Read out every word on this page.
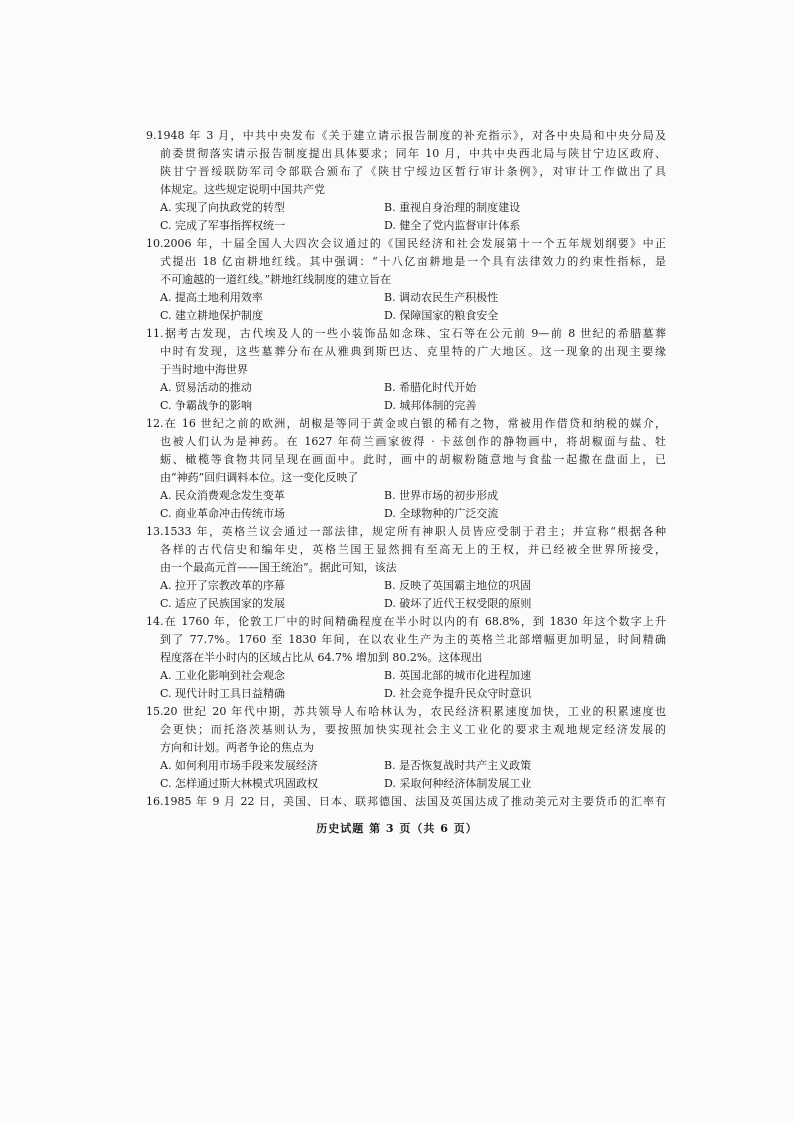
9.1948 年 3 月，中共中央发布《关于建立请示报告制度的补充指示》，对各中央局和中央分局及
前委贯彻落实请示报告制度提出具体要求；同年 10 月，中共中央西北局与陕甘宁边区政府、
陕甘宁晋绥联防军司令部联合颁布了《陕甘宁绥边区暂行审计条例》，对审计工作做出了具
体规定。这些规定说明中国共产党
A. 实现了向执政党的转型	B. 重视自身治理的制度建设
C. 完成了军事指挥权统一	D. 健全了党内监督审计体系
10.2006 年，十届全国人大四次会议通过的《国民经济和社会发展第十一个五年规划纲要》中正
式提出 18 亿亩耕地红线。其中强调：“十八亿亩耕地是一个具有法律效力的约束性指标，是
不可逾越的一道红线。”耕地红线制度的建立旨在
A. 提高土地利用效率	B. 调动农民生产积极性
C. 建立耕地保护制度	D. 保障国家的粮食安全
11.据考古发现，古代埃及人的一些小装饰品如念珠、宝石等在公元前 9—前 8 世纪的希腊墓葬
中时有发现，这些墓葬分布在从雅典到斯巴达、克里特的广大地区。这一现象的出现主要缘
于当时地中海世界
A. 贸易活动的推动	B. 希腊化时代开始
C. 争霸战争的影响	D. 城邦体制的完善
12.在 16 世纪之前的欧洲，胡椒是等同于黄金或白银的稀有之物，常被用作借贷和纳税的媒介，
也被人们认为是神药。在 1627 年荷兰画家彼得 · 卡兹创作的静物画中，将胡椒面与盐、牡
蛎、橄榄等食物共同呈现在画面中。此时，画中的胡椒粉随意地与食盐一起撒在盘面上，已
由“神药”回归调料本位。这一变化反映了
A. 民众消费观念发生变革	B. 世界市场的初步形成
C. 商业革命冲击传统市场	D. 全球物种的广泛交流
13.1533 年，英格兰议会通过一部法律，规定所有神职人员皆应受制于君主；并宣称“根据各种
各样的古代信史和编年史，英格兰国王显然拥有至高无上的王权，并已经被全世界所接受，
由一个最高元首——国王统治”。据此可知，该法
A. 拉开了宗教改革的序幕	B. 反映了英国霸主地位的巩固
C. 适应了民族国家的发展	D. 破坏了近代王权受限的原则
14.在 1760 年，伦敦工厂中的时间精确程度在半小时以内的有 68.8%，到 1830 年这个数字上升
到了 77.7%。1760 至 1830 年间，在以农业生产为主的英格兰北部增幅更加明显，时间精确
程度落在半小时内的区域占比从 64.7% 增加到 80.2%。这体现出
A. 工业化影响到社会观念	B. 英国北部的城市化进程加速
C. 现代计时工具日益精确	D. 社会竞争提升民众守时意识
15.20 世纪 20 年代中期，苏共领导人布哈林认为，农民经济积累速度加快，工业的积累速度也
会更快；而托洛茨基则认为，要按照加快实现社会主义工业化的要求主观地规定经济发展的
方向和计划。两者争论的焦点为
A. 如何利用市场手段来发展经济	B. 是否恢复战时共产主义政策
C. 怎样通过斯大林模式巩固政权	D. 采取何种经济体制发展工业
16.1985 年 9 月 22 日，美国、日本、联邦德国、法国及英国达成了推动美元对主要货币的汇率有
历史试题 第 3 页（共 6 页）
